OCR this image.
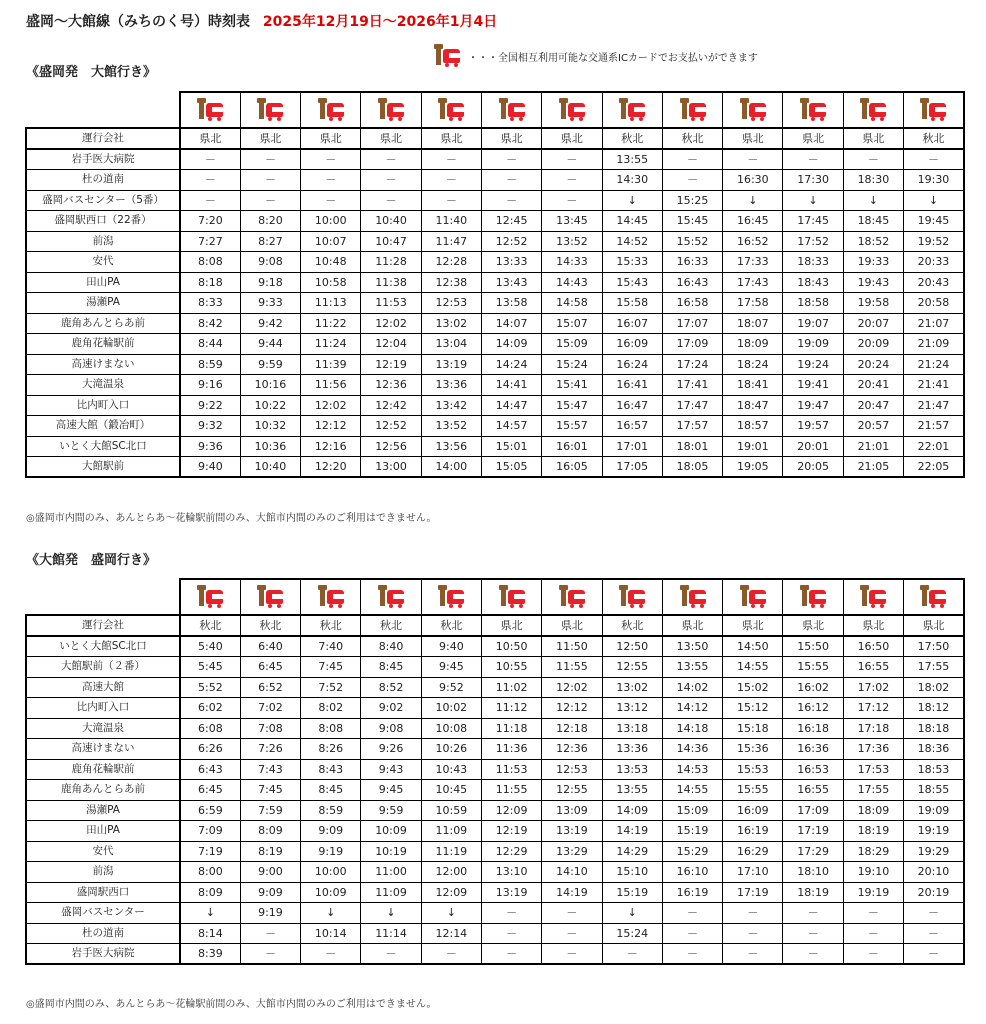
盛岡～大館線（みちのく号）時刻表 2025年12月19日～2026年1月4日
・・・全国相互利用可能な交通系ICカードでお支払いができます
《盛岡発　大館行き》

運行会社	県北	県北	県北	県北	県北	県北	県北	秋北	秋北	県北	県北	県北	秋北
岩手医大病院	－	－	－	－	－	－	－	13:55	－	－	－	－	－
杜の道南	－	－	－	－	－	－	－	14:30	－	16:30	17:30	18:30	19:30
盛岡バスセンター（5番）	－	－	－	－	－	－	－	↓	15:25	↓	↓	↓	↓
盛岡駅西口（22番）	7:20	8:20	10:00	10:40	11:40	12:45	13:45	14:45	15:45	16:45	17:45	18:45	19:45
前潟	7:27	8:27	10:07	10:47	11:47	12:52	13:52	14:52	15:52	16:52	17:52	18:52	19:52
安代	8:08	9:08	10:48	11:28	12:28	13:33	14:33	15:33	16:33	17:33	18:33	19:33	20:33
田山PA	8:18	9:18	10:58	11:38	12:38	13:43	14:43	15:43	16:43	17:43	18:43	19:43	20:43
湯瀬PA	8:33	9:33	11:13	11:53	12:53	13:58	14:58	15:58	16:58	17:58	18:58	19:58	20:58
鹿角あんとらあ前	8:42	9:42	11:22	12:02	13:02	14:07	15:07	16:07	17:07	18:07	19:07	20:07	21:07
鹿角花輪駅前	8:44	9:44	11:24	12:04	13:04	14:09	15:09	16:09	17:09	18:09	19:09	20:09	21:09
高速けまない	8:59	9:59	11:39	12:19	13:19	14:24	15:24	16:24	17:24	18:24	19:24	20:24	21:24
大滝温泉	9:16	10:16	11:56	12:36	13:36	14:41	15:41	16:41	17:41	18:41	19:41	20:41	21:41
比内町入口	9:22	10:22	12:02	12:42	13:42	14:47	15:47	16:47	17:47	18:47	19:47	20:47	21:47
高速大館（鍛冶町）	9:32	10:32	12:12	12:52	13:52	14:57	15:57	16:57	17:57	18:57	19:57	20:57	21:57
いとく大館SC北口	9:36	10:36	12:16	12:56	13:56	15:01	16:01	17:01	18:01	19:01	20:01	21:01	22:01
大館駅前	9:40	10:40	12:20	13:00	14:00	15:05	16:05	17:05	18:05	19:05	20:05	21:05	22:05
◎盛岡市内間のみ、あんとらあ～花輪駅前間のみ、大館市内間のみのご利用はできません。
《大館発　盛岡行き》

運行会社	秋北	秋北	秋北	秋北	秋北	県北	県北	秋北	県北	県北	県北	県北	県北
いとく大館SC北口	5:40	6:40	7:40	8:40	9:40	10:50	11:50	12:50	13:50	14:50	15:50	16:50	17:50
大館駅前（２番）	5:45	6:45	7:45	8:45	9:45	10:55	11:55	12:55	13:55	14:55	15:55	16:55	17:55
高速大館	5:52	6:52	7:52	8:52	9:52	11:02	12:02	13:02	14:02	15:02	16:02	17:02	18:02
比内町入口	6:02	7:02	8:02	9:02	10:02	11:12	12:12	13:12	14:12	15:12	16:12	17:12	18:12
大滝温泉	6:08	7:08	8:08	9:08	10:08	11:18	12:18	13:18	14:18	15:18	16:18	17:18	18:18
高速けまない	6:26	7:26	8:26	9:26	10:26	11:36	12:36	13:36	14:36	15:36	16:36	17:36	18:36
鹿角花輪駅前	6:43	7:43	8:43	9:43	10:43	11:53	12:53	13:53	14:53	15:53	16:53	17:53	18:53
鹿角あんとらあ前	6:45	7:45	8:45	9:45	10:45	11:55	12:55	13:55	14:55	15:55	16:55	17:55	18:55
湯瀬PA	6:59	7:59	8:59	9:59	10:59	12:09	13:09	14:09	15:09	16:09	17:09	18:09	19:09
田山PA	7:09	8:09	9:09	10:09	11:09	12:19	13:19	14:19	15:19	16:19	17:19	18:19	19:19
安代	7:19	8:19	9:19	10:19	11:19	12:29	13:29	14:29	15:29	16:29	17:29	18:29	19:29
前潟	8:00	9:00	10:00	11:00	12:00	13:10	14:10	15:10	16:10	17:10	18:10	19:10	20:10
盛岡駅西口	8:09	9:09	10:09	11:09	12:09	13:19	14:19	15:19	16:19	17:19	18:19	19:19	20:19
盛岡バスセンター	↓	9:19	↓	↓	↓	－	－	↓	－	－	－	－	－
杜の道南	8:14	－	10:14	11:14	12:14	－	－	15:24	－	－	－	－	－
岩手医大病院	8:39	－	－	－	－	－	－	－	－	－	－	－	－
◎盛岡市内間のみ、あんとらあ～花輪駅前間のみ、大館市内間のみのご利用はできません。
